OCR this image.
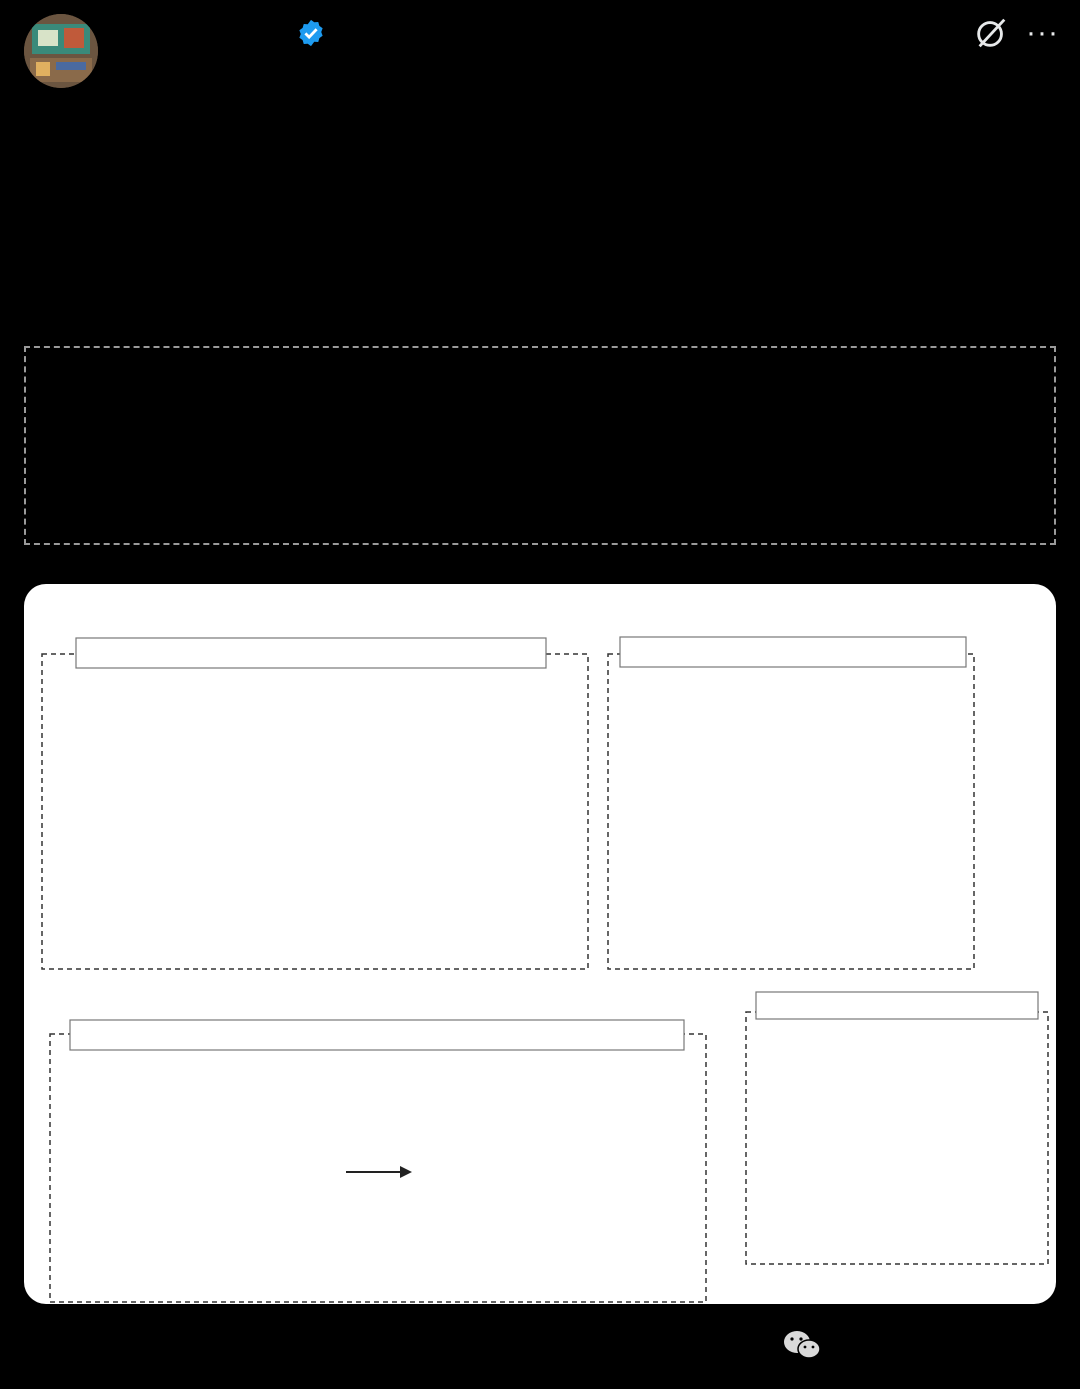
···
